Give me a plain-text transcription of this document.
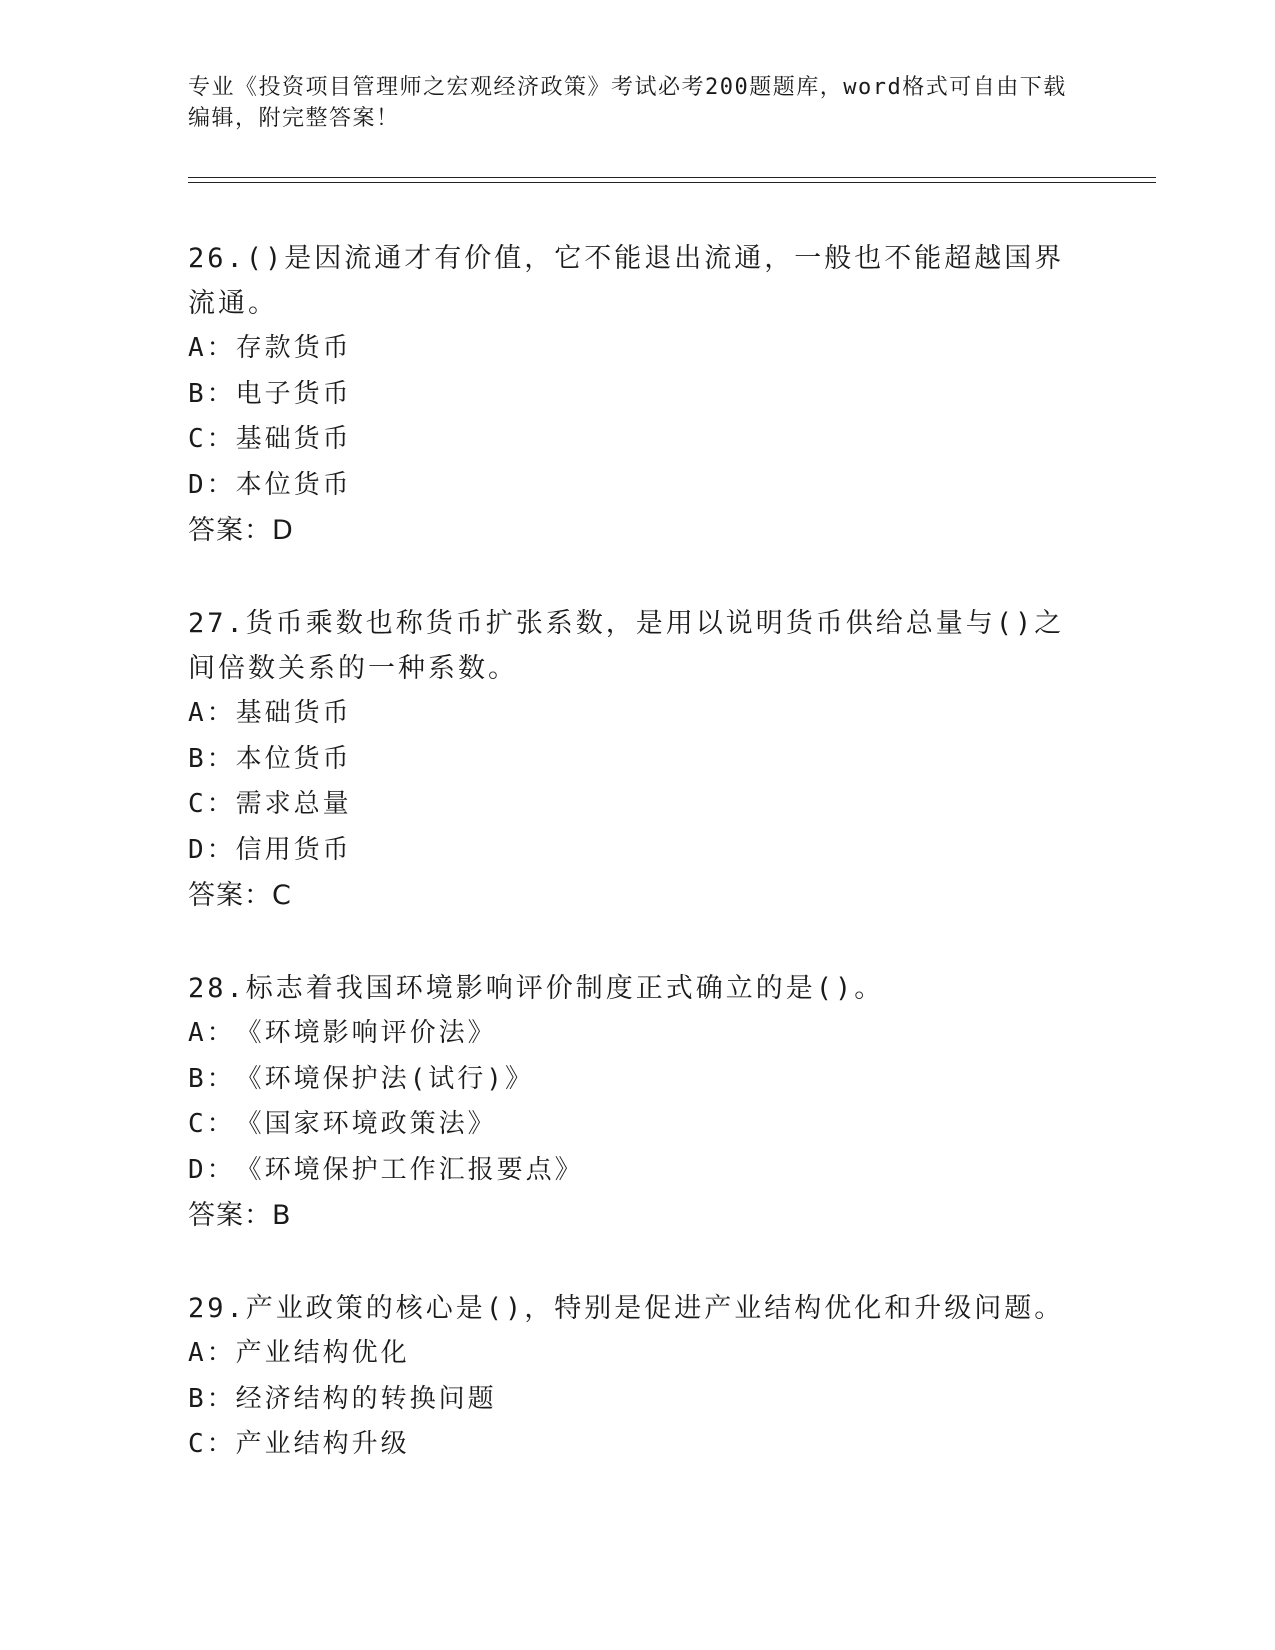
专业《投资项目管理师之宏观经济政策》考试必考200题题库，word格式可自由下载编辑，附完整答案！
26.()是因流通才有价值，它不能退出流通，一般也不能超越国界流通。
A： 存款货币
B： 电子货币
C： 基础货币
D： 本位货币
答案：D
27.货币乘数也称货币扩张系数，是用以说明货币供给总量与()之间倍数关系的一种系数。
A： 基础货币
B： 本位货币
C： 需求总量
D： 信用货币
答案：C
28.标志着我国环境影响评价制度正式确立的是()。
A： 《环境影响评价法》
B： 《环境保护法(试行)》
C： 《国家环境政策法》
D： 《环境保护工作汇报要点》
答案：B
29.产业政策的核心是()，特别是促进产业结构优化和升级问题。
A： 产业结构优化
B： 经济结构的转换问题
C： 产业结构升级
